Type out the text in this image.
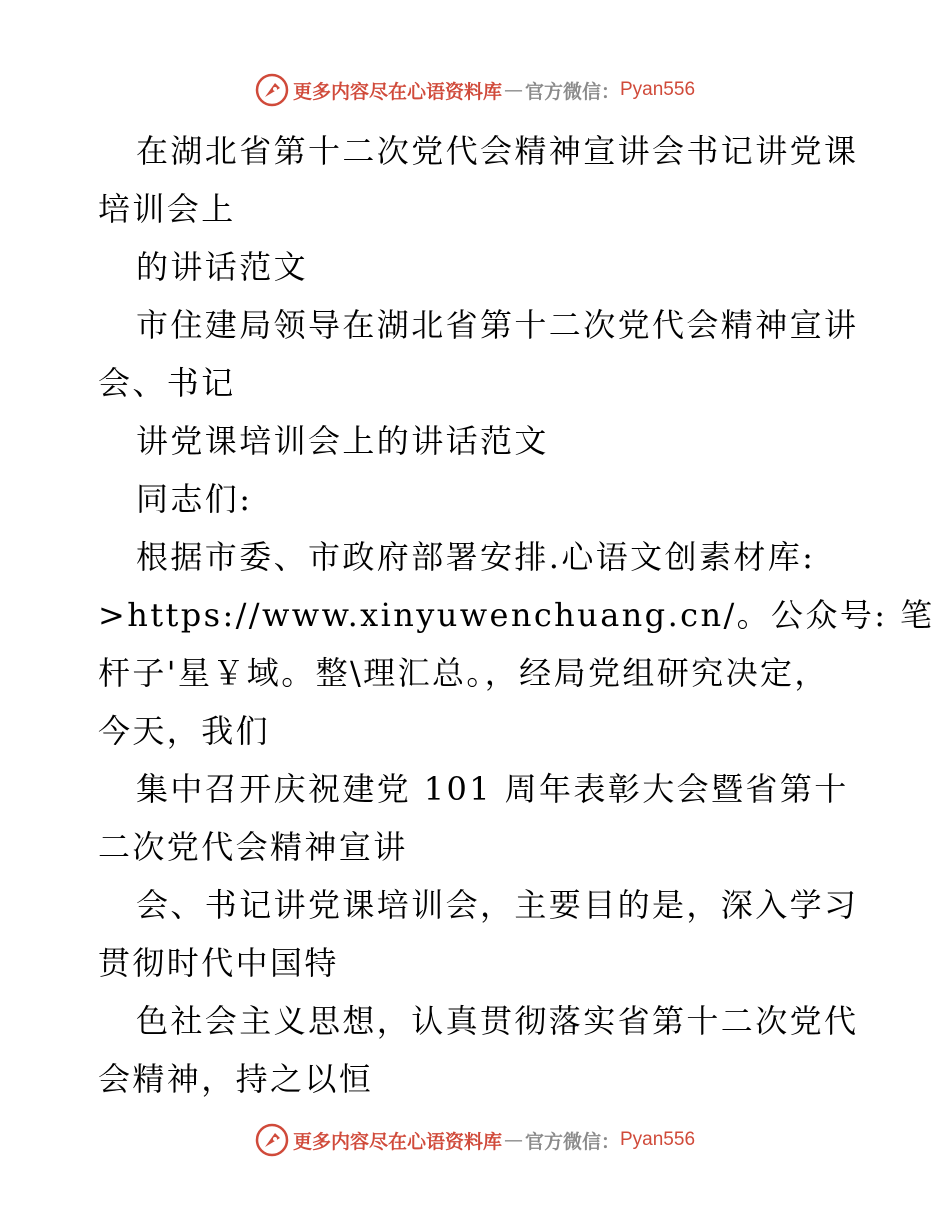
更多内容尽在心语资料库 — 官方微信： Pyan556
在湖北省第十二次党代会精神宣讲会书记讲党课
培训会上
的讲话范文
市住建局领导在湖北省第十二次党代会精神宣讲
会、书记
讲党课培训会上的讲话范文
同志们:
根据市委、市政府部署安排.心语文创素材库:
>https://www.xinyuwenchuang.cn/。公众号: 笔
杆子'星￥域。整\理汇总。，经局党组研究决定，
今天，我们
集中召开庆祝建党 101 周年表彰大会暨省第十
二次党代会精神宣讲
会、书记讲党课培训会，主要目的是，深入学习
贯彻时代中国特
色社会主义思想，认真贯彻落实省第十二次党代
会精神，持之以恒
更多内容尽在心语资料库 — 官方微信： Pyan556
